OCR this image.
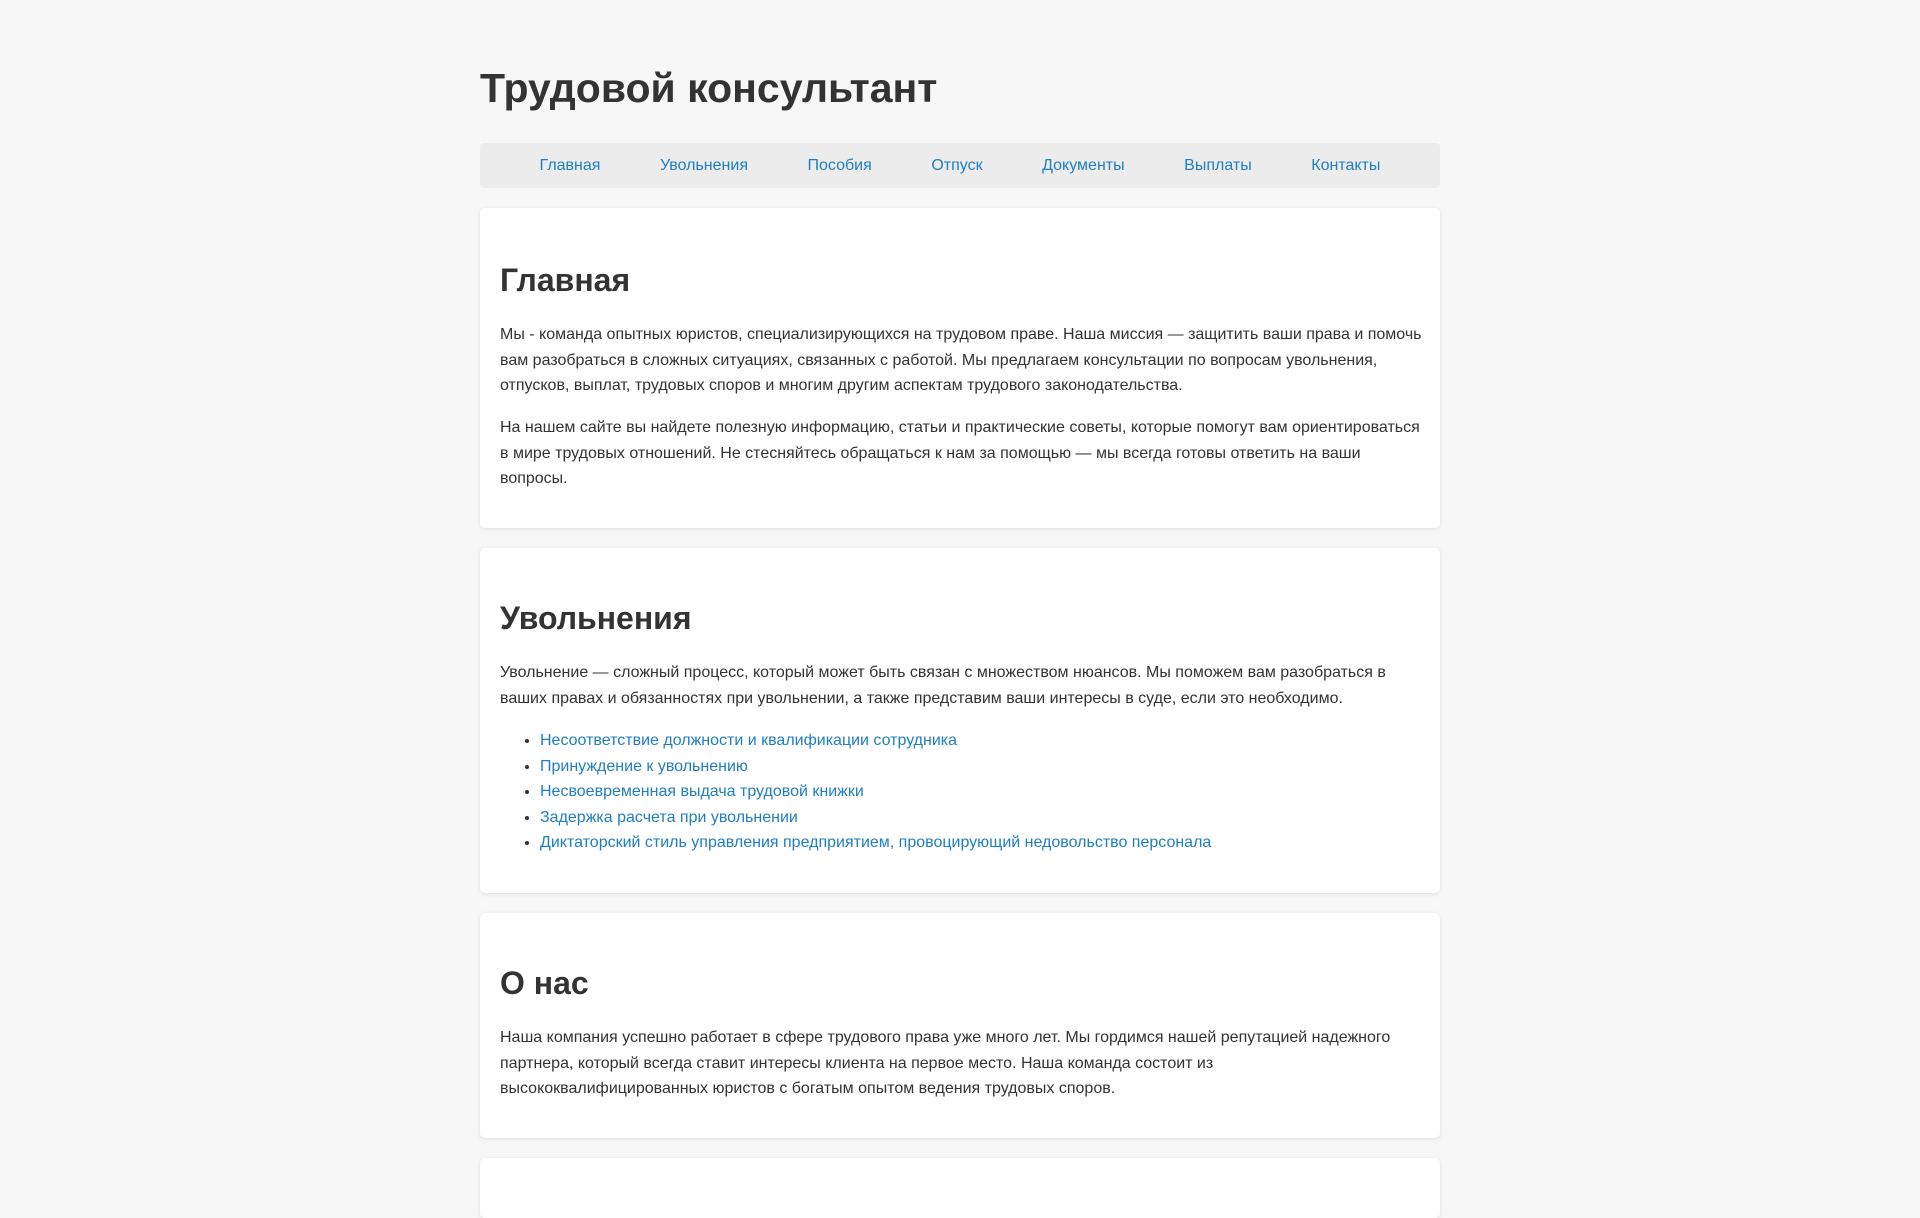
Трудовой консультант
Главная	Увольнения	Пособия	Отпуск	Документы	Выплаты	Контакты
Главная

Мы - команда опытных юристов, специализирующихся на трудовом праве. Наша миссия — защитить ваши права и помочь вам разобраться в сложных ситуациях, связанных с работой. Мы предлагаем консультации по вопросам увольнения, отпусков, выплат, трудовых споров и многим другим аспектам трудового законодательства.

На нашем сайте вы найдете полезную информацию, статьи и практические советы, которые помогут вам ориентироваться в мире трудовых отношений. Не стесняйтесь обращаться к нам за помощью — мы всегда готовы ответить на ваши вопросы.

Увольнения

Увольнение — сложный процесс, который может быть связан с множеством нюансов. Мы поможем вам разобраться в ваших правах и обязанностях при увольнении, а также представим ваши интересы в суде, если это необходимо.

• Несоответствие должности и квалификации сотрудника
• Принуждение к увольнению
• Несвоевременная выдача трудовой книжки
• Задержка расчета при увольнении
• Диктаторский стиль управления предприятием, провоцирующий недовольство персонала
О нас

Наша компания успешно работает в сфере трудового права уже много лет. Мы гордимся нашей репутацией надежного партнера, который всегда ставит интересы клиента на первое место. Наша команда состоит из высококвалифицированных юристов с богатым опытом ведения трудовых споров.
